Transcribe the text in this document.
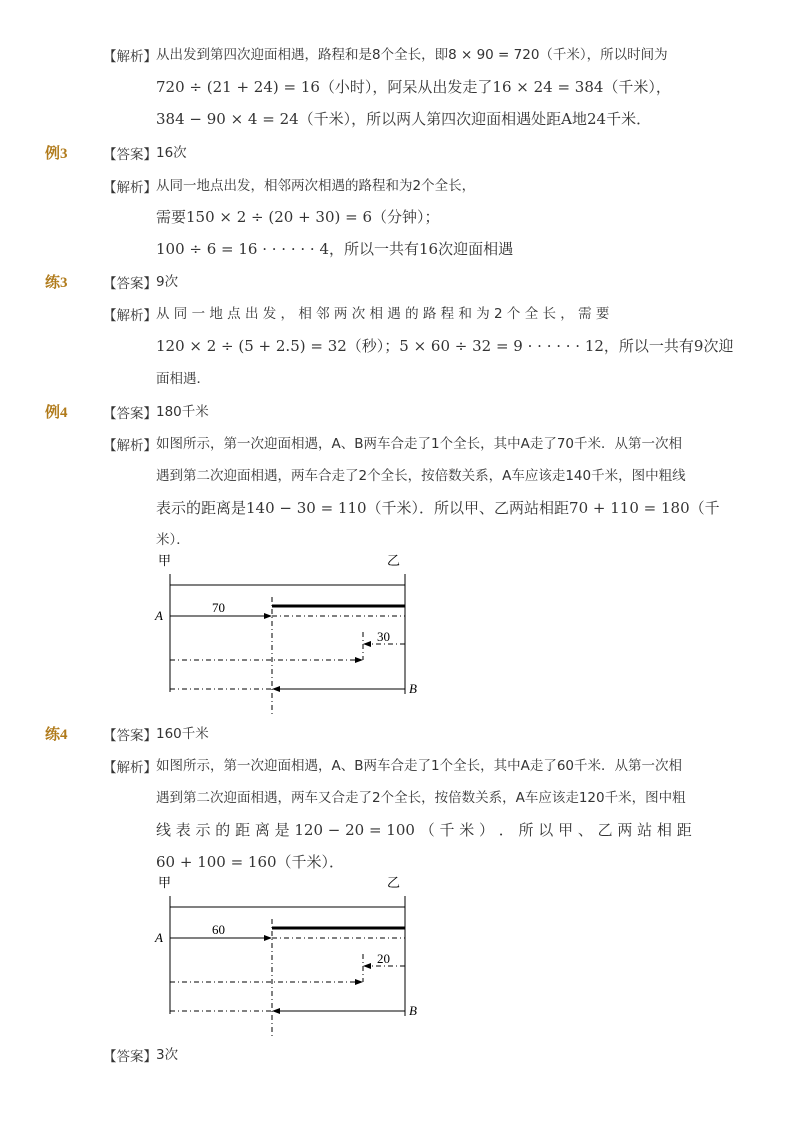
【解析】 从出发到第四次迎面相遇，路程和是8个全长，即8 × 90 = 720（千米），所以时间为
720 ÷ (21 + 24) = 16（小时），阿呆从出发走了16 × 24 = 384（千米），
384 − 90 × 4 = 24（千米），所以两人第四次迎面相遇处距A地24千米．
例3	【答案】 16次
【解析】 从同一地点出发，相邻两次相遇的路程和为2个全长，
需要150 × 2 ÷ (20 + 30) = 6（分钟）；
100 ÷ 6 = 16 · · · · · · 4，所以一共有16次迎面相遇
练3	【答案】 9次
【解析】 从 同 一 地 点 出 发 ， 相 邻 两 次 相 遇 的 路 程 和 为 2 个 全 长 ， 需 要
120 × 2 ÷ (5 + 2.5) = 32（秒）；5 × 60 ÷ 32 = 9 · · · · · · 12，所以一共有9次迎
面相遇．
例4	【答案】 180千米
【解析】 如图所示，第一次迎面相遇，A、B两车合走了1个全长，其中A走了70千米．从第一次相
遇到第二次迎面相遇，两车合走了2个全长，按倍数关系，A车应该走140千米，图中粗线
表示的距离是140 − 30 = 110（千米）．所以甲、乙两站相距70 + 110 = 180（千
米）．
甲	乙
A
70
30
B
练4	【答案】 160千米
【解析】 如图所示，第一次迎面相遇，A、B两车合走了1个全长，其中A走了60千米．从第一次相
遇到第二次迎面相遇，两车又合走了2个全长，按倍数关系，A车应该走120千米，图中粗
线 表 示 的 距 离 是 120 − 20 = 100 （ 千 米 ） ． 所 以 甲 、 乙 两 站 相 距
60 + 100 = 160（千米）．
甲	乙
A
60
20
B
【答案】 3次
